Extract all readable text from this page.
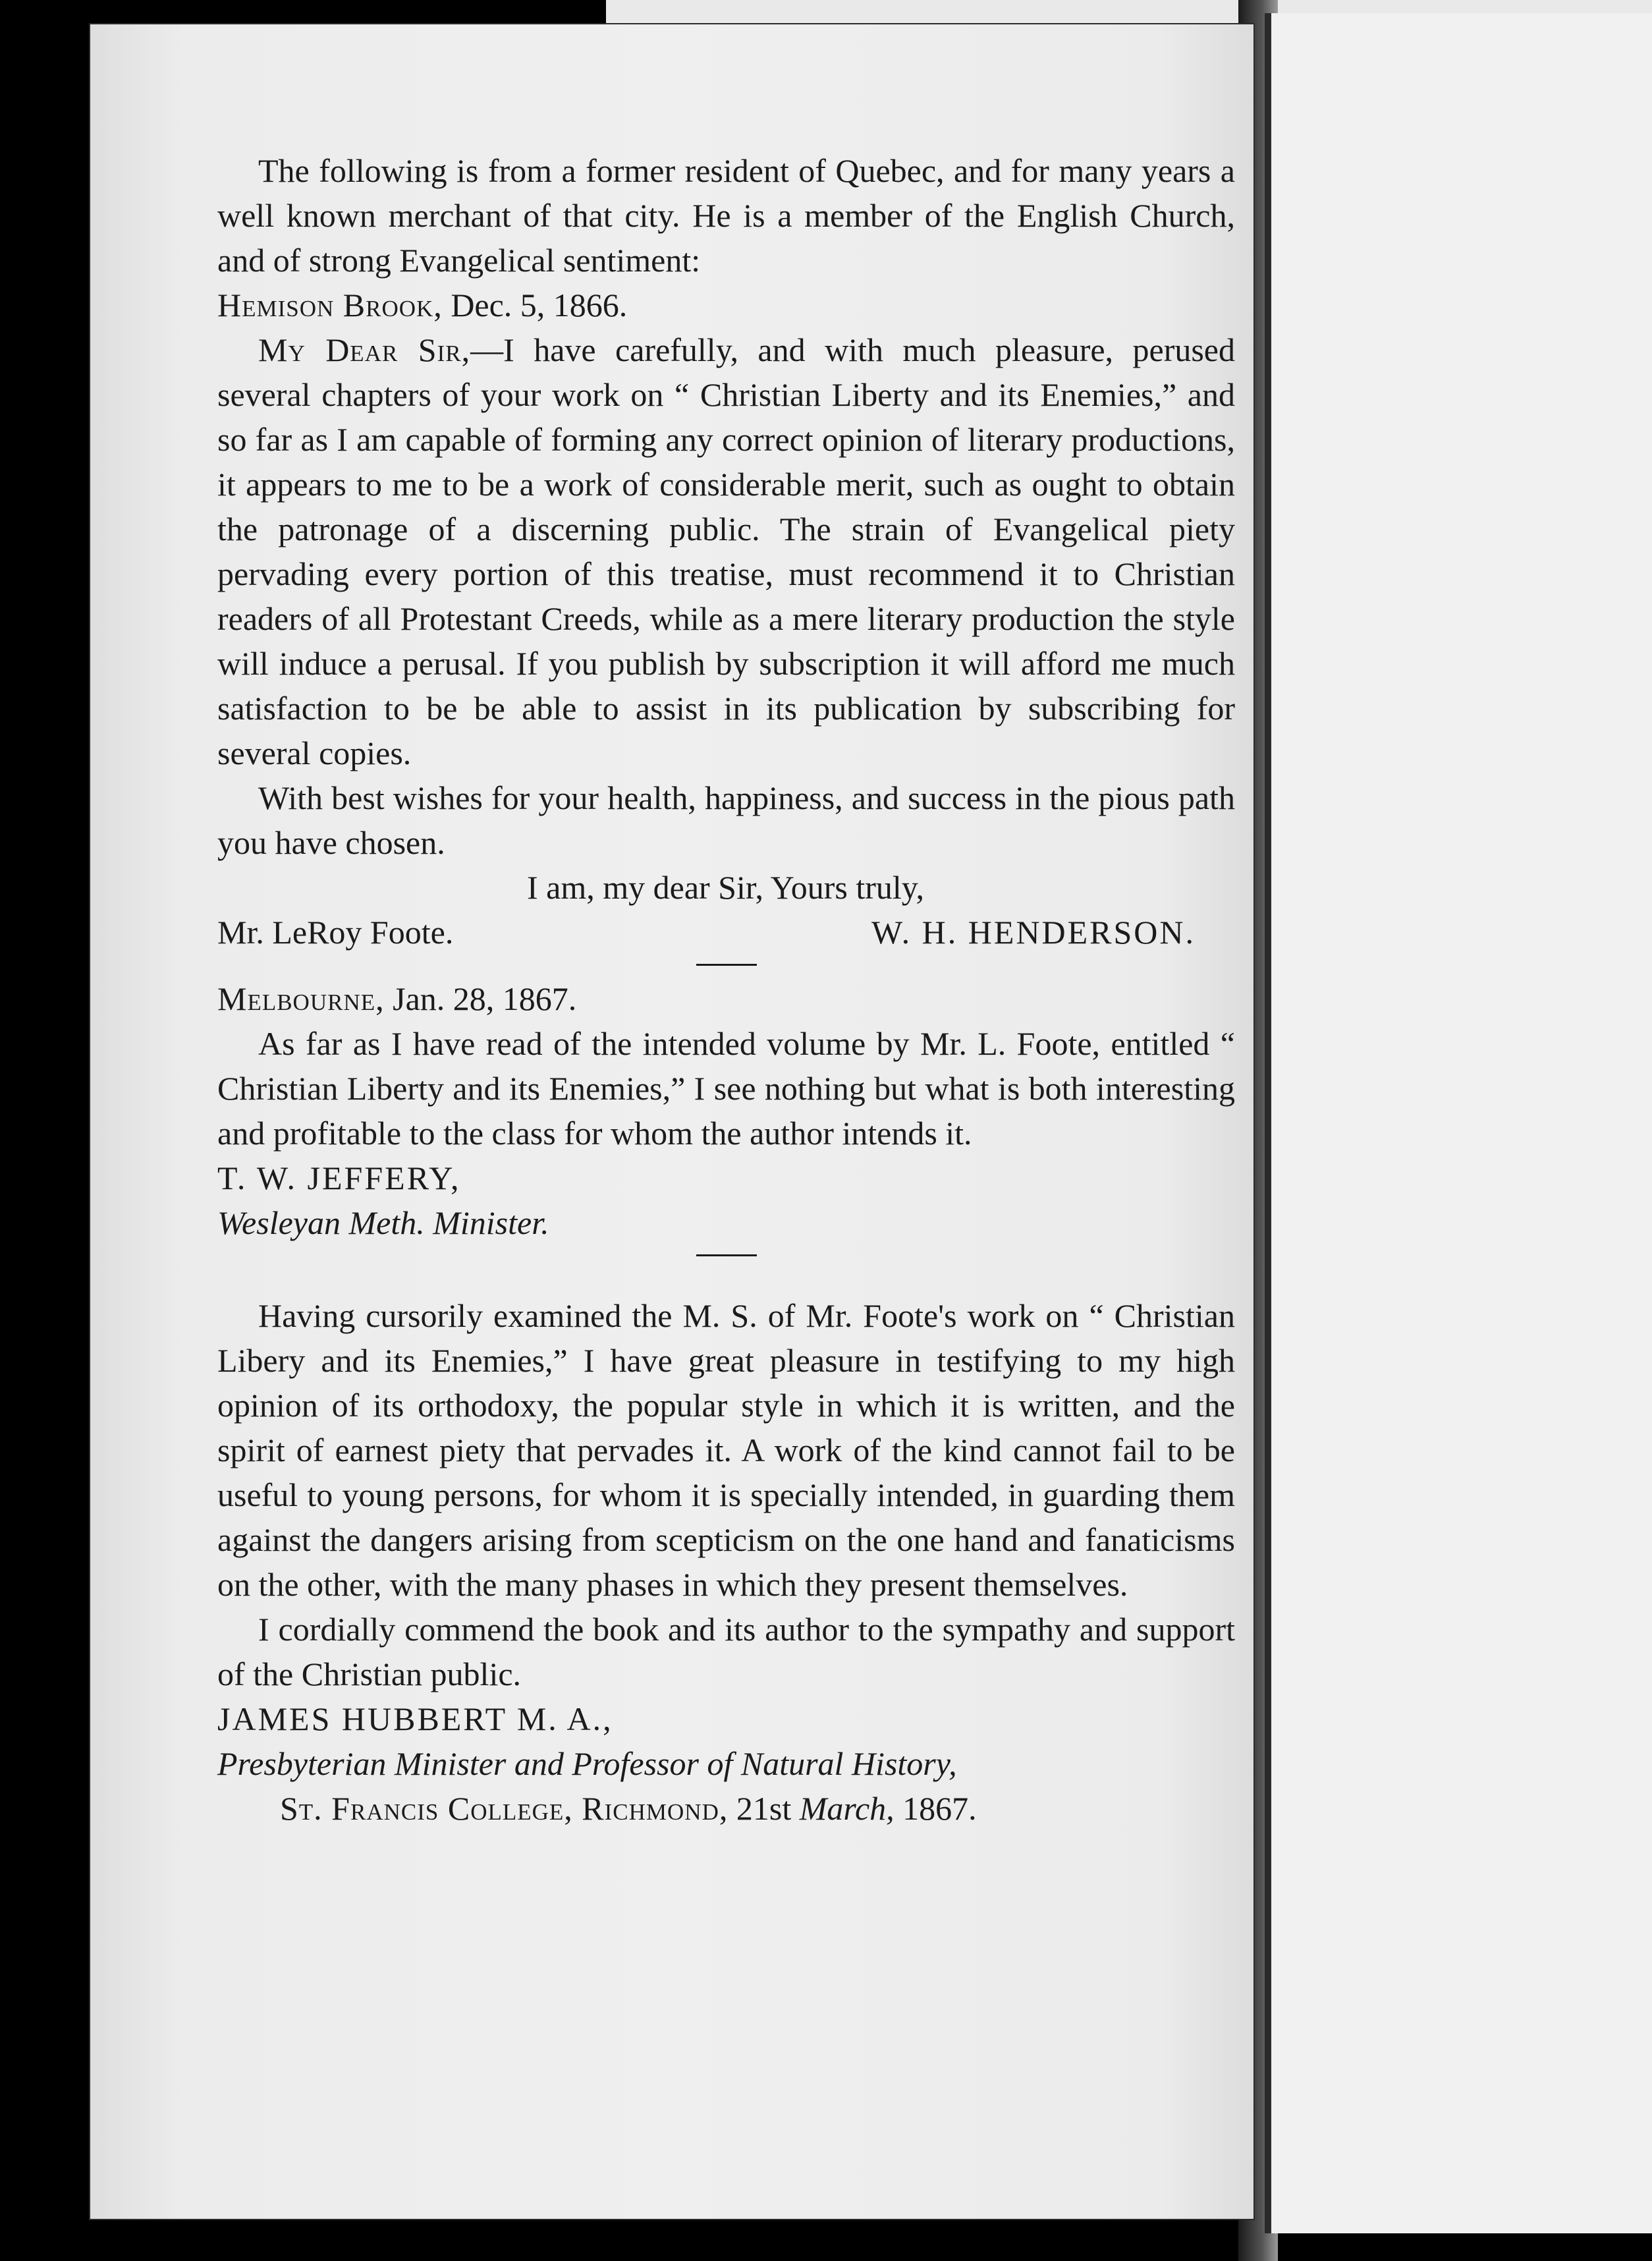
The following is from a former resident of Quebec, and for many years a well known merchant of that city. He is a member of the English Church, and of strong Evangelical sentiment:

Hemison Brook, Dec. 5, 1866.

My Dear Sir,—I have carefully, and with much pleasure, perused several chapters of your work on “ Christian Liberty and its Enemies,” and so far as I am capable of forming any correct opinion of literary productions, it appears to me to be a work of considerable merit, such as ought to obtain the patronage of a discerning public. The strain of Evangelical piety pervading every portion of this treatise, must recommend it to Christian readers of all Protestant Creeds, while as a mere literary production the style will induce a perusal. If you publish by subscription it will afford me much satisfaction to be be able to assist in its publication by subscribing for several copies.

With best wishes for your health, happiness, and success in the pious path you have chosen.

I am, my dear Sir, Yours truly,

Mr. LeRoy Foote.	W. H. HENDERSON.

Melbourne, Jan. 28, 1867.

As far as I have read of the intended volume by Mr. L. Foote, entitled “ Christian Liberty and its Enemies,” I see nothing but what is both interesting and profitable to the class for whom the author intends it.

T. W. JEFFERY,

Wesleyan Meth. Minister.

Having cursorily examined the M. S. of Mr. Foote's work on “ Christian Libery and its Enemies,” I have great pleasure in testifying to my high opinion of its orthodoxy, the popular style in which it is written, and the spirit of earnest piety that pervades it. A work of the kind cannot fail to be useful to young persons, for whom it is specially intended, in guarding them against the dangers arising from scepticism on the one hand and fanaticisms on the other, with the many phases in which they present themselves.

I cordially commend the book and its author to the sympathy and support of the Christian public.

JAMES HUBBERT M. A.,

Presbyterian Minister and Professor of Natural History,

St. Francis College, Richmond, 21st March, 1867.
